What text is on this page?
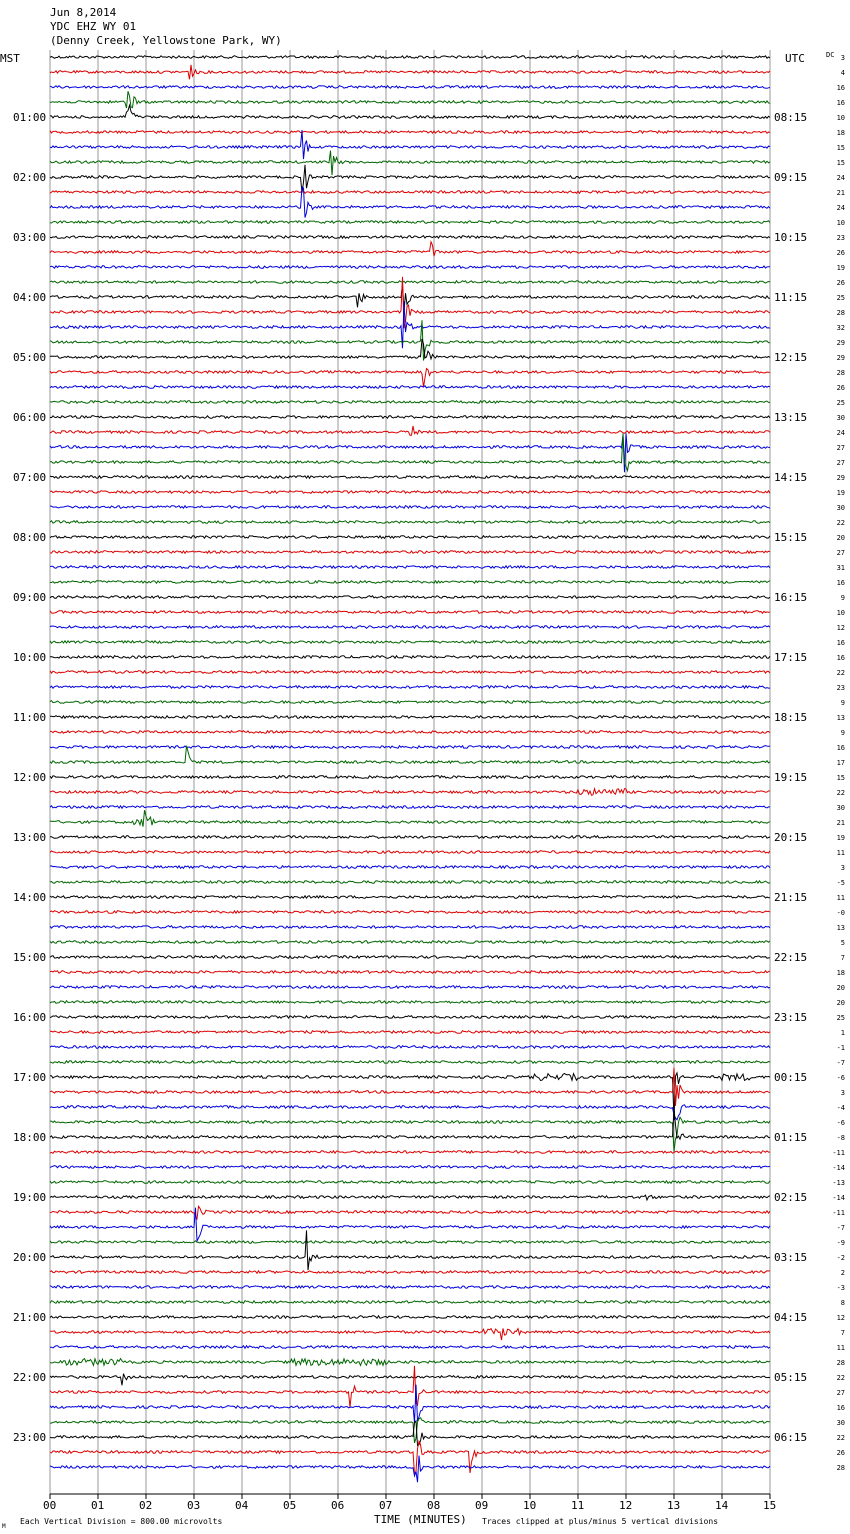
Jun 8,2014
YDC EHZ WY 01
(Denny Creek, Yellowstone Park, WY)
MST	UTC	DC
01:00
02:00
03:00
04:00
05:00
06:00
07:00
08:00
09:00
10:00
11:00
12:00
13:00
14:00
15:00
16:00
17:00
18:00
19:00
20:00
21:00
22:00
23:00
08:15
09:15
10:15
11:15
12:15
13:15
14:15
15:15
16:15
17:15
18:15
19:15
20:15
21:15
22:15
23:15
00:15
01:15
02:15
03:15
04:15
05:15
06:15
3
4
16
16
10
18
15
15
24
21
24
10
23
26
19
26
25
28
32
29
29
28
26
25
30
24
27
27
29
19
30
22
20
27
31
16
9
10
12
16
16
22
23
9
13
9
16
17
15
22
30
21
19
11
3
-5
11
-0
13
5
7
18
20
20
25
1
-1
-7
-6
3
-4
-6
-8
-11
-14
-13
-14
-11
-7
-9
-2
2
-3
8
12
7
11
28
22
27
16
30
22
26
28
00	01	02	03	04	05	06	07	08	09	10	11	12	13	14	15
Each Vertical Division = 800.00 microvolts	TIME (MINUTES) Traces clipped at plus/minus 5 vertical divisions
M
